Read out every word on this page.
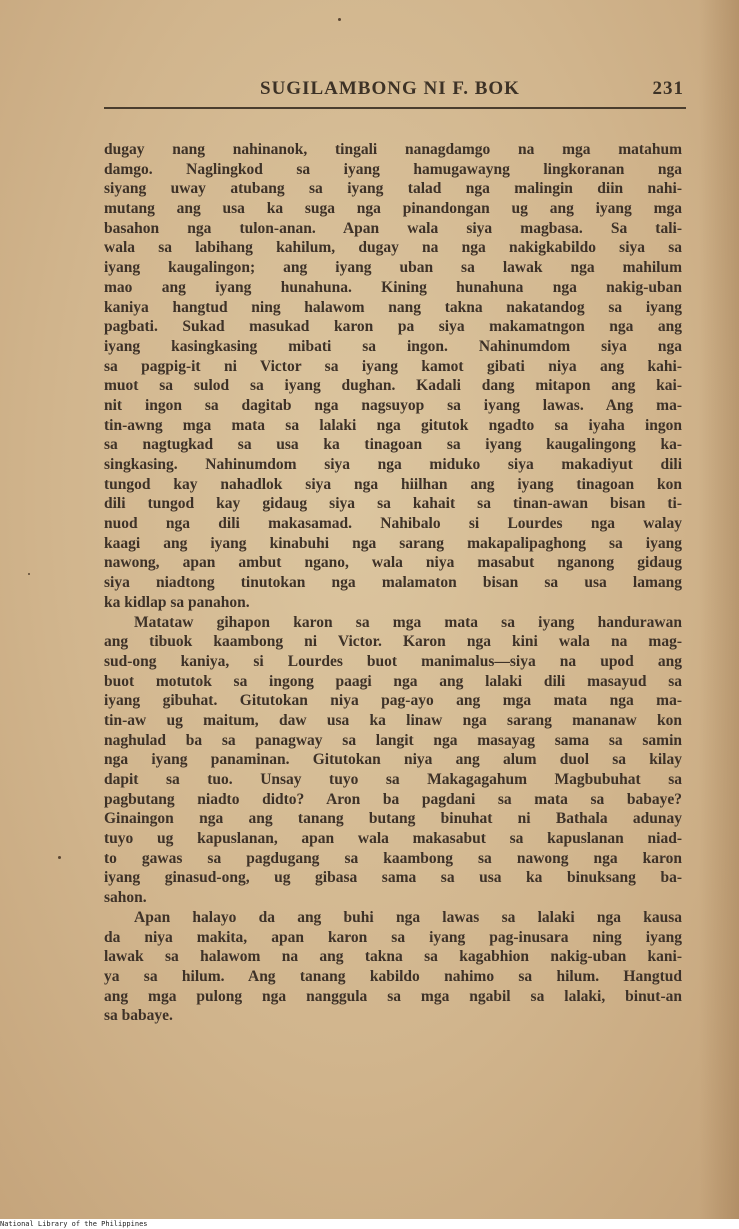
SUGILAMBONG NI F. BOK	231
dugay nang nahinanok, tingali nanagdamgo na mga matahum
damgo. Naglingkod sa iyang hamugawayng lingkoranan nga
siyang uway atubang sa iyang talad nga malingin diin nahi-
mutang ang usa ka suga nga pinandongan ug ang iyang mga
basahon nga tulon-anan. Apan wala siya magbasa. Sa tali-
wala sa labihang kahilum, dugay na nga nakigkabildo siya sa
iyang kaugalingon; ang iyang uban sa lawak nga mahilum
mao ang iyang hunahuna. Kining hunahuna nga nakig-uban
kaniya hangtud ning halawom nang takna nakatandog sa iyang
pagbati. Sukad masukad karon pa siya makamatngon nga ang
iyang kasingkasing mibati sa ingon. Nahinumdom siya nga
sa pagpig-it ni Victor sa iyang kamot gibati niya ang kahi-
muot sa sulod sa iyang dughan. Kadali dang mitapon ang kai-
nit ingon sa dagitab nga nagsuyop sa iyang lawas. Ang ma-
tin-awng mga mata sa lalaki nga gitutok ngadto sa iyaha ingon
sa nagtugkad sa usa ka tinagoan sa iyang kaugalingong ka-
singkasing. Nahinumdom siya nga miduko siya makadiyut dili
tungod kay nahadlok siya nga hiilhan ang iyang tinagoan kon
dili tungod kay gidaug siya sa kahait sa tinan-awan bisan ti-
nuod nga dili makasamad. Nahibalo si Lourdes nga walay
kaagi ang iyang kinabuhi nga sarang makapalipaghong sa iyang
nawong, apan ambut ngano, wala niya masabut nganong gidaug
siya niadtong tinutokan nga malamaton bisan sa usa lamang
ka kidlap sa panahon.
Matataw gihapon karon sa mga mata sa iyang handurawan
ang tibuok kaambong ni Victor. Karon nga kini wala na mag-
sud-ong kaniya, si Lourdes buot manimalus—siya na upod ang
buot motutok sa ingong paagi nga ang lalaki dili masayud sa
iyang gibuhat. Gitutokan niya pag-ayo ang mga mata nga ma-
tin-aw ug maitum, daw usa ka linaw nga sarang mananaw kon
naghulad ba sa panagway sa langit nga masayag sama sa samin
nga iyang panaminan. Gitutokan niya ang alum duol sa kilay
dapit sa tuo. Unsay tuyo sa Makagagahum Magbubuhat sa
pagbutang niadto didto? Aron ba pagdani sa mata sa babaye?
Ginaingon nga ang tanang butang binuhat ni Bathala adunay
tuyo ug kapuslanan, apan wala makasabut sa kapuslanan niad-
to gawas sa pagdugang sa kaambong sa nawong nga karon
iyang ginasud-ong, ug gibasa sama sa usa ka binuksang ba-
sahon.
Apan halayo da ang buhi nga lawas sa lalaki nga kausa
da niya makita, apan karon sa iyang pag-inusara ning iyang
lawak sa halawom na ang takna sa kagabhion nakig-uban kani-
ya sa hilum. Ang tanang kabildo nahimo sa hilum. Hangtud
ang mga pulong nga nanggula sa mga ngabil sa lalaki, binut-an
sa babaye.
National Library of the Philippines
